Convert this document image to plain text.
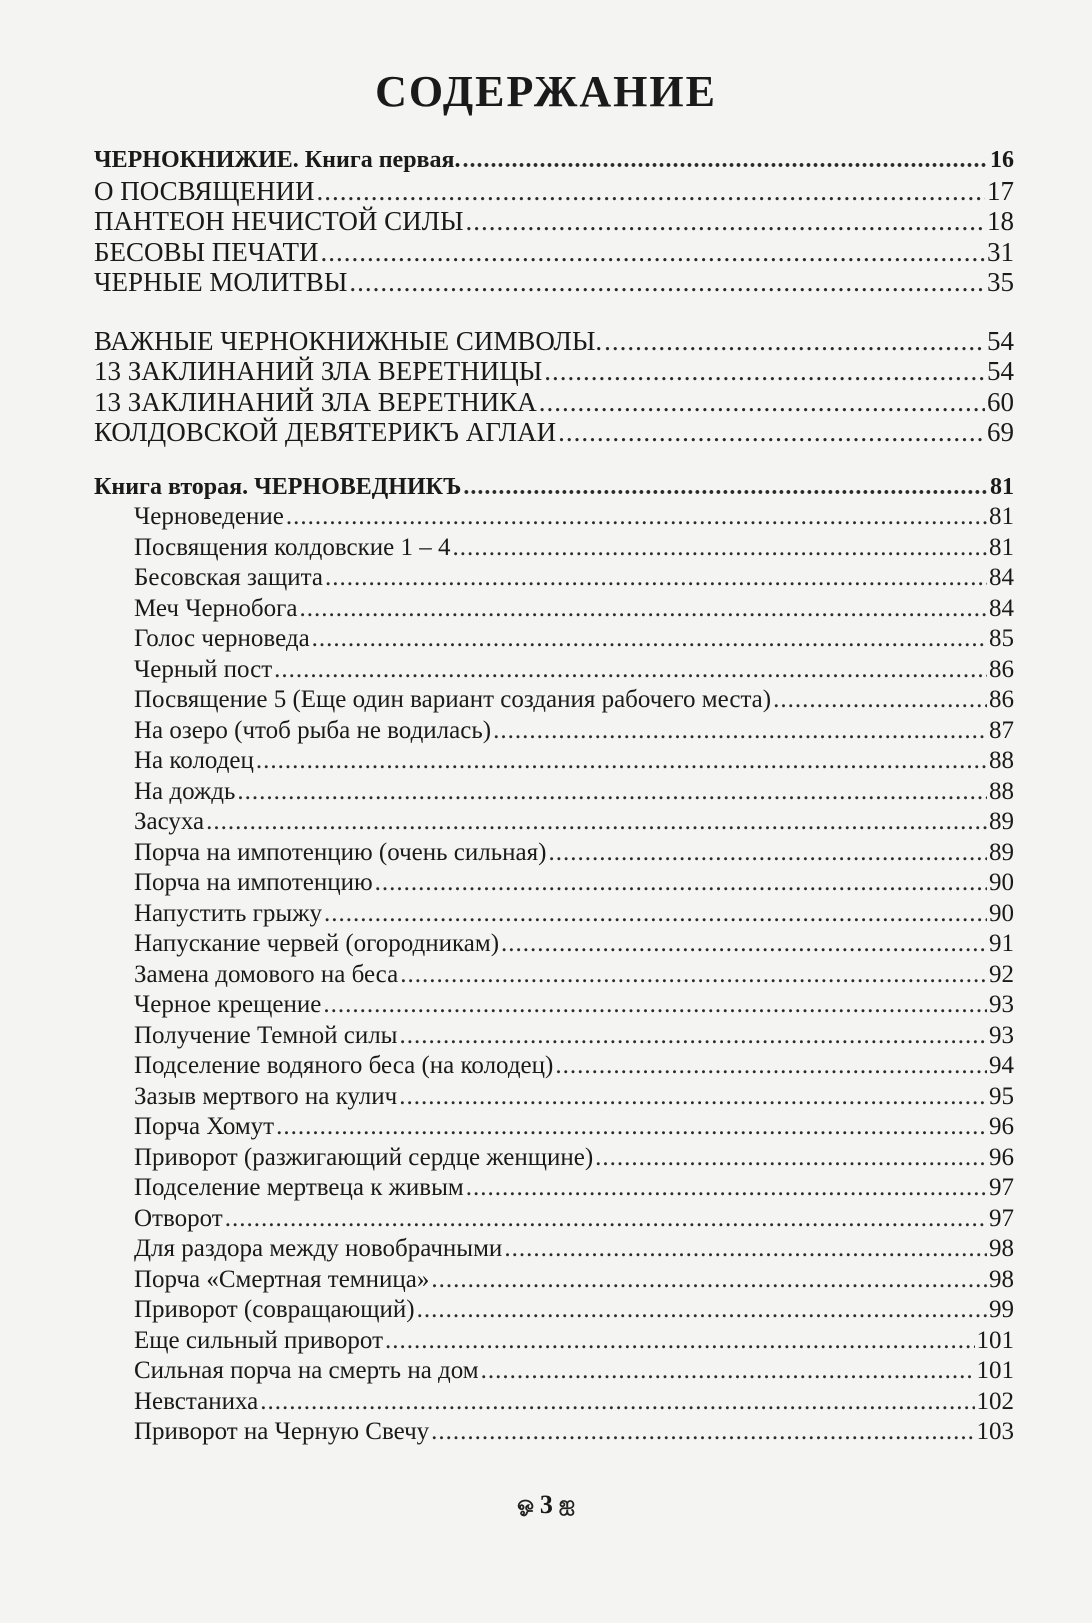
СОДЕРЖАНИЕ
ЧЕРНОКНИЖИЕ. Книга первая. .....	16
О ПОСВЯЩЕНИИ .....	17
ПАНТЕОН НЕЧИСТОЙ СИЛЫ .....	18
БЕСОВЫ ПЕЧАТИ .....	31
ЧЕРНЫЕ МОЛИТВЫ .....	35
ВАЖНЫЕ ЧЕРНОКНИЖНЫЕ СИМВОЛЫ. .....	54
13 ЗАКЛИНАНИЙ ЗЛА ВЕРЕТНИЦЫ .....	54
13 ЗАКЛИНАНИЙ ЗЛА ВЕРЕТНИКА .....	60
КОЛДОВСКОЙ ДЕВЯТЕРИКЪ АГЛАИ .....	69
Книга вторая. ЧЕРНОВЕДНИКЪ .....	81
Черноведение .....	81
Посвящения колдовские 1 – 4 .....	81
Бесовская защита .....	84
Меч Чернобога .....	84
Голос черноведа .....	85
Черный пост .....	86
Посвящение 5 (Еще один вариант создания рабочего места) .....	86
На озеро (чтоб рыба не водилась) .....	87
На колодец .....	88
На дождь .....	88
Засуха .....	89
Порча на импотенцию (очень сильная) .....	89
Порча на импотенцию .....	90
Напустить грыжу .....	90
Напускание червей (огородникам) .....	91
Замена домового на беса .....	92
Черное крещение .....	93
Получение Темной силы .....	93
Подселение водяного беса (на колодец) .....	94
Зазыв мертвого на кулич .....	95
Порча Хомут .....	96
Приворот (разжигающий сердце женщине) .....	96
Подселение мертвеца к живым .....	97
Отворот .....	97
Для раздора между новобрачными .....	98
Порча «Смертная темница» .....	98
Приворот (совращающий) .....	99
Еще сильный приворот .....	101
Сильная порча на смерть на дом .....	101
Невстаниха .....	102
Приворот на Черную Свечу .....	103
ஓ 3 ஐ
